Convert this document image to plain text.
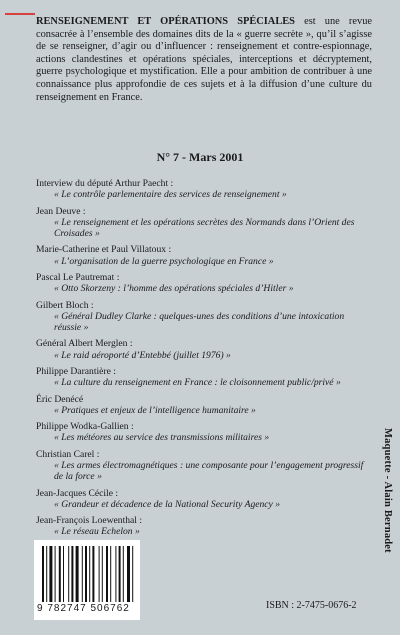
RENSEIGNEMENT ET OPÉRATIONS SPÉCIALES est une revue consacrée à l’ensemble des domaines dits de la « guerre secrète », qu’il s’agisse de se renseigner, d’agir ou d’influencer : renseignement et contre-espionnage, actions clandestines et opérations spéciales, interceptions et décryptement, guerre psychologique et mystification. Elle a pour ambition de contribuer à une connaissance plus approfondie de ces sujets et à la diffusion d’une culture du renseignement en France.
N° 7 - Mars 2001
Interview du député Arthur Paecht :
« Le contrôle parlementaire des services de renseignement »
Jean Deuve :
« Le renseignement et les opérations secrètes des Normands dans l’Orient des Croisades »
Marie-Catherine et Paul Villatoux :
« L’organisation de la guerre psychologique en France »
Pascal Le Pautremat :
« Otto Skorzeny : l’homme des opérations spéciales d’Hitler »
Gilbert Bloch :
« Général Dudley Clarke : quelques-unes des conditions d’une intoxication réussie »
Général Albert Merglen :
« Le raid aéroporté d’Entebbé (juillet 1976) »
Philippe Darantière :
« La culture du renseignement en France : le cloisonnement public/privé »
Éric Denécé
« Pratiques et enjeux de l’intelligence humanitaire »
Philippe Wodka-Gallien :
« Les météores au service des transmissions militaires »
Christian Carel :
« Les armes électromagnétiques : une composante pour l’engagement progressif de la force »
Jean-Jacques Cécile :
« Grandeur et décadence de la National Security Agency »
Jean-François Loewenthal :
« Le réseau Echelon »	Maquette - Alain Bernadet
9 782747 506762	ISBN : 2-7475-0676-2
